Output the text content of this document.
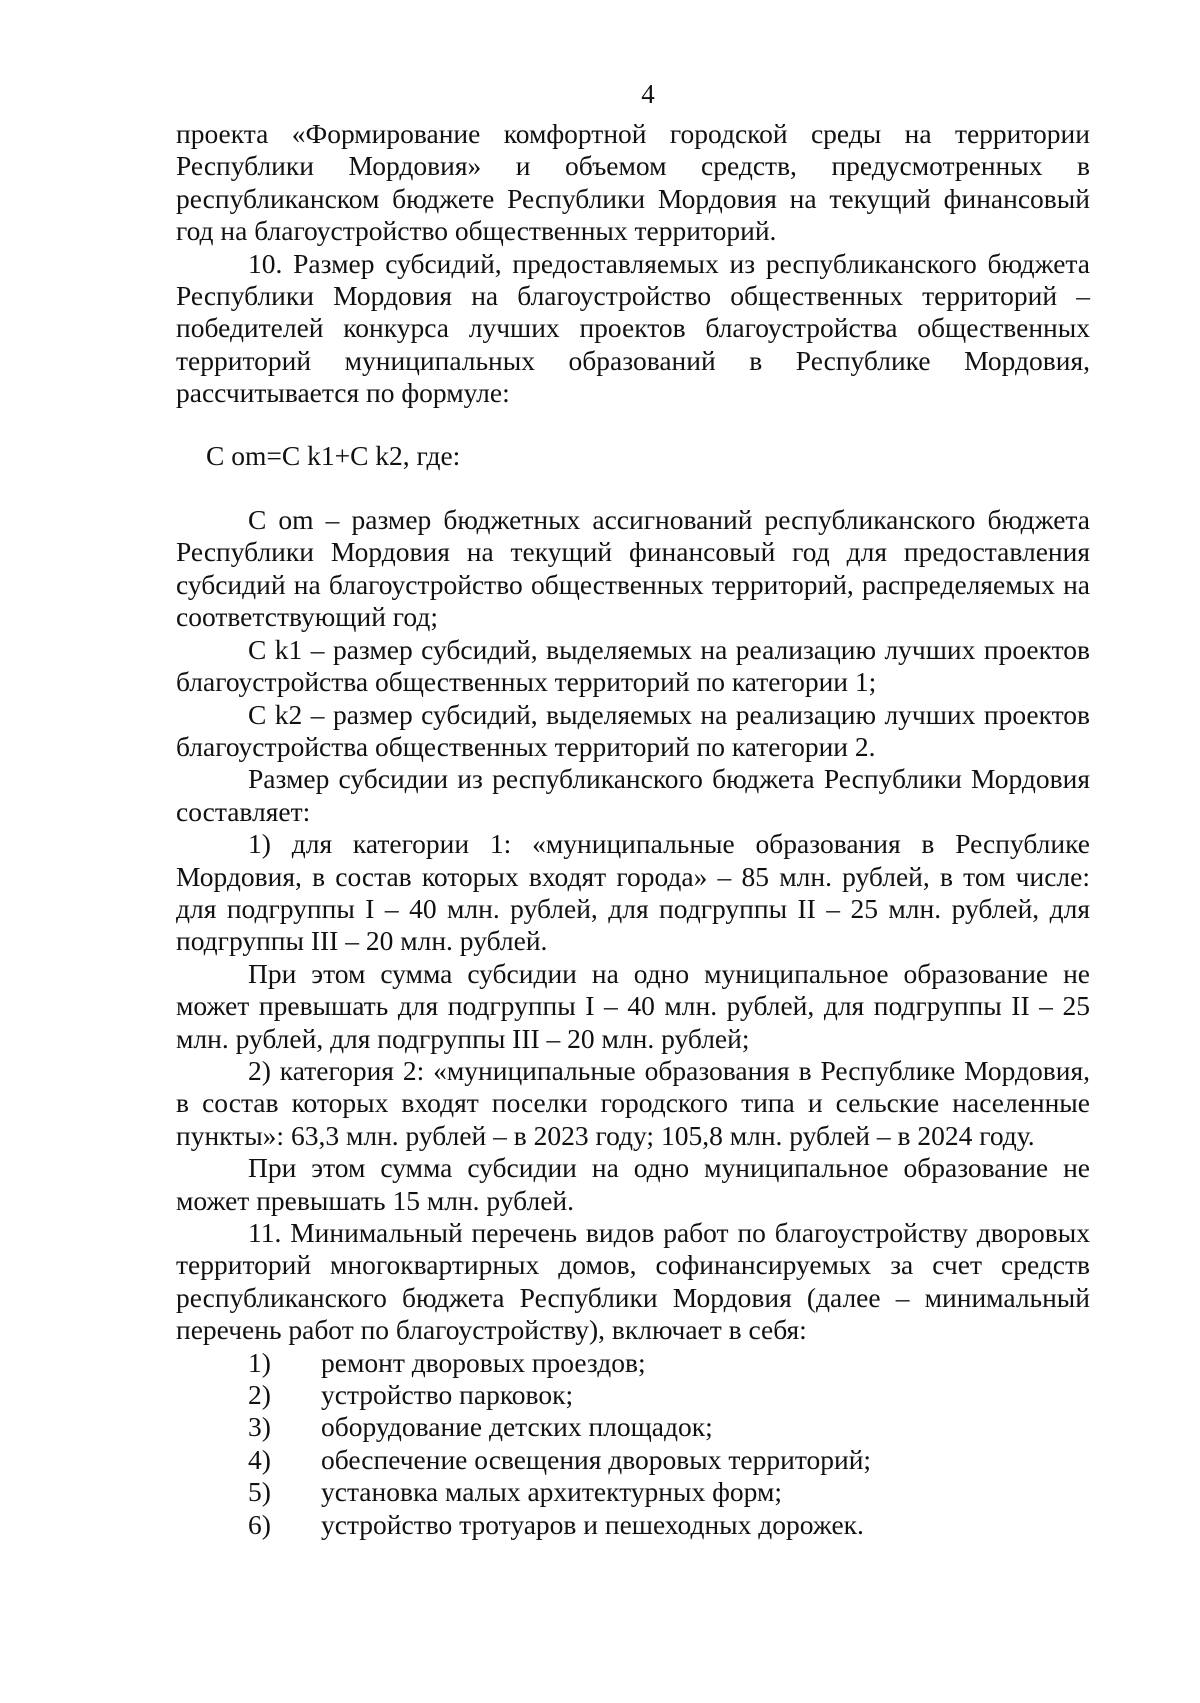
4

проекта «Формирование комфортной городской среды на территории Республики Мордовия» и объемом средств, предусмотренных в республиканском бюджете Республики Мордовия на текущий финансовый год на благоустройство общественных территорий.

10. Размер субсидий, предоставляемых из республиканского бюджета Республики Мордовия на благоустройство общественных территорий – победителей конкурса лучших проектов благоустройства общественных территорий муниципальных образований в Республике Мордовия, рассчитывается по формуле:

C om=C k1+C k2, где:

C om – размер бюджетных ассигнований республиканского бюджета Республики Мордовия на текущий финансовый год для предоставления субсидий на благоустройство общественных территорий, распределяемых на соответствующий год;

C k1 – размер субсидий, выделяемых на реализацию лучших проектов благоустройства общественных территорий по категории 1;

C k2 – размер субсидий, выделяемых на реализацию лучших проектов благоустройства общественных территорий по категории 2.

Размер субсидии из республиканского бюджета Республики Мордовия составляет:

1) для категории 1: «муниципальные образования в Республике Мордовия, в состав которых входят города» – 85 млн. рублей, в том числе: для подгруппы I – 40 млн. рублей, для подгруппы II – 25 млн. рублей, для подгруппы III – 20 млн. рублей.

При этом сумма субсидии на одно муниципальное образование не может превышать для подгруппы I – 40 млн. рублей, для подгруппы II – 25 млн. рублей, для подгруппы III – 20 млн. рублей;

2) категория 2: «муниципальные образования в Республике Мордовия, в состав которых входят поселки городского типа и сельские населенные пункты»: 63,3 млн. рублей – в 2023 году; 105,8 млн. рублей – в 2024 году.

При этом сумма субсидии на одно муниципальное образование не может превышать 15 млн. рублей.

11. Минимальный перечень видов работ по благоустройству дворовых территорий многоквартирных домов, софинансируемых за счет средств республиканского бюджета Республики Мордовия (далее – минимальный перечень работ по благоустройству), включает в себя:

1)	ремонт дворовых проездов;
2)	устройство парковок;
3)	оборудование детских площадок;
4)	обеспечение освещения дворовых территорий;
5)	установка малых архитектурных форм;
6)	устройство тротуаров и пешеходных дорожек.
